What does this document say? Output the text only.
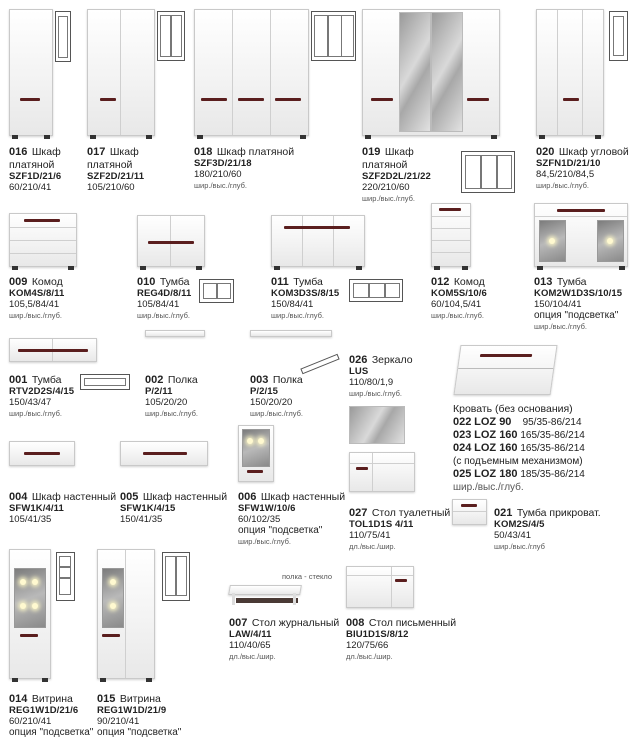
016 Шкаф
платяной
SZF1D/21/6
60/210/41
017 Шкаф
платяной
SZF2D/21/11
105/210/60
018 Шкаф платяной
SZF3D/21/18
180/210/60
шир./выс./глуб.
019 Шкаф платяной
SZF2D2L/21/22
220/210/60
шир./выс./глуб.
020 Шкаф угловой
SZFN1D/21/10
84,5/210/84,5
шир./выс./глуб.
009 Комод
KOM4S/8/11
105,5/84/41
шир./выс./глуб.
010 Тумба
REG4D/8/11
105/84/41
шир./выс./глуб.
011 Тумба
KOM3D3S/8/15
150/84/41
шир./выс./глуб.
012 Комод
KOM5S/10/6
60/104,5/41
шир./выс./глуб.
013 Тумба
KOM2W1D3S/10/15
150/104/41
опция "подсветка"
шир./выс./глуб.
001 Тумба
RTV2D2S/4/15
150/43/47
шир./выс./глуб.
002 Полка
P/2/11
105/20/20
шир./выс./глуб.
003 Полка
P/2/15
150/20/20
шир./выс./глуб.
026 Зеркало
LUS
110/80/1,9
шир./выс./глуб.
027 Стол туалетный
TOL1D1S 4/11
110/75/41
дл./выс./шир.
Кровать (без основания)
022 LOZ 90 95/35-86/214
023 LOZ 160 165/35-86/214
024 LOZ 160 165/35-86/214
(с подъемным механизмом)
025 LOZ 180 185/35-86/214
шир./выс./глуб.
004 Шкаф настенный
SFW1K/4/11
105/41/35
005 Шкаф настенный
SFW1K/4/15
150/41/35
006 Шкаф настенный
SFW1W/10/6
60/102/35
опция "подсветка"
шир./выс./глуб.
021 Тумба прикроват.
KOM2S/4/5
50/43/41
шир./выс./глуб
014 Витрина
REG1W1D/21/6
60/210/41
опция "подсветка"
015 Витрина
REG1W1D/21/9
90/210/41
опция "подсветка"
полка - стекло
007 Стол журнальный
LAW/4/11
110/40/65
дл./выс./шир.
008 Стол письменный
BIU1D1S/8/12
120/75/66
дл./выс./шир.
